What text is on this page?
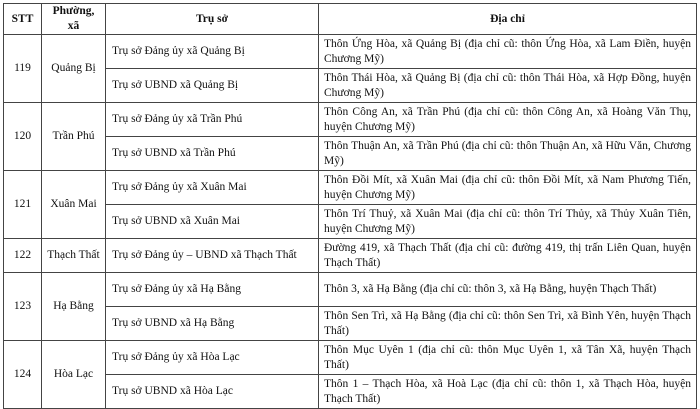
STT	Phường, xã	Trụ sở	Địa chỉ
119	Quảng Bị	Trụ sở Đảng ủy xã Quảng Bị	Thôn Ứng Hòa, xã Quảng Bị (địa chỉ cũ: thôn Ứng Hòa, xã Lam Điền, huyện Chương Mỹ)
		Trụ sở UBND xã Quảng Bị	Thôn Thái Hòa, xã Quảng Bị (địa chỉ cũ: thôn Thái Hòa, xã Hợp Đồng, huyện Chương Mỹ)
120	Trần Phú	Trụ sở Đảng ủy xã Trần Phú	Thôn Công An, xã Trần Phú (địa chỉ cũ: thôn Công An, xã Hoàng Văn Thụ, huyện Chương Mỹ)
		Trụ sở UBND xã Trần Phú	Thôn Thuận An, xã Trần Phú (địa chỉ cũ: thôn Thuận An, xã Hữu Văn, Chương Mỹ)
121	Xuân Mai	Trụ sở Đảng ủy xã Xuân Mai	Thôn Đồi Mít, xã Xuân Mai (địa chỉ cũ: thôn Đồi Mít, xã Nam Phương Tiến, huyện Chương Mỹ)
		Trụ sở UBND xã Xuân Mai	Thôn Trí Thuỷ, xã Xuân Mai (địa chỉ cũ: thôn Trí Thủy, xã Thủy Xuân Tiên, huyện Chương Mỹ)
122	Thạch Thất	Trụ sở Đảng ủy – UBND xã Thạch Thất	Đường 419, xã Thạch Thất (địa chỉ cũ: đường 419, thị trấn Liên Quan, huyện Thạch Thất)
123	Hạ Bằng	Trụ sở Đảng ủy xã Hạ Bằng	Thôn 3, xã Hạ Bằng (địa chỉ cũ: thôn 3, xã Hạ Bằng, huyện Thạch Thất)
		Trụ sở UBND xã Hạ Bằng	Thôn Sen Trì, xã Hạ Bằng (địa chỉ cũ: thôn Sen Trì, xã Bình Yên, huyện Thạch Thất)
124	Hòa Lạc	Trụ sở Đảng ủy xã Hòa Lạc	Thôn Mục Uyên 1 (địa chỉ cũ: thôn Mục Uyên 1, xã Tân Xã, huyện Thạch Thất)
		Trụ sở UBND xã Hòa Lạc	Thôn 1 – Thạch Hòa, xã Hoà Lạc (địa chỉ cũ: thôn 1, xã Thạch Hòa, huyện Thạch Thất)
